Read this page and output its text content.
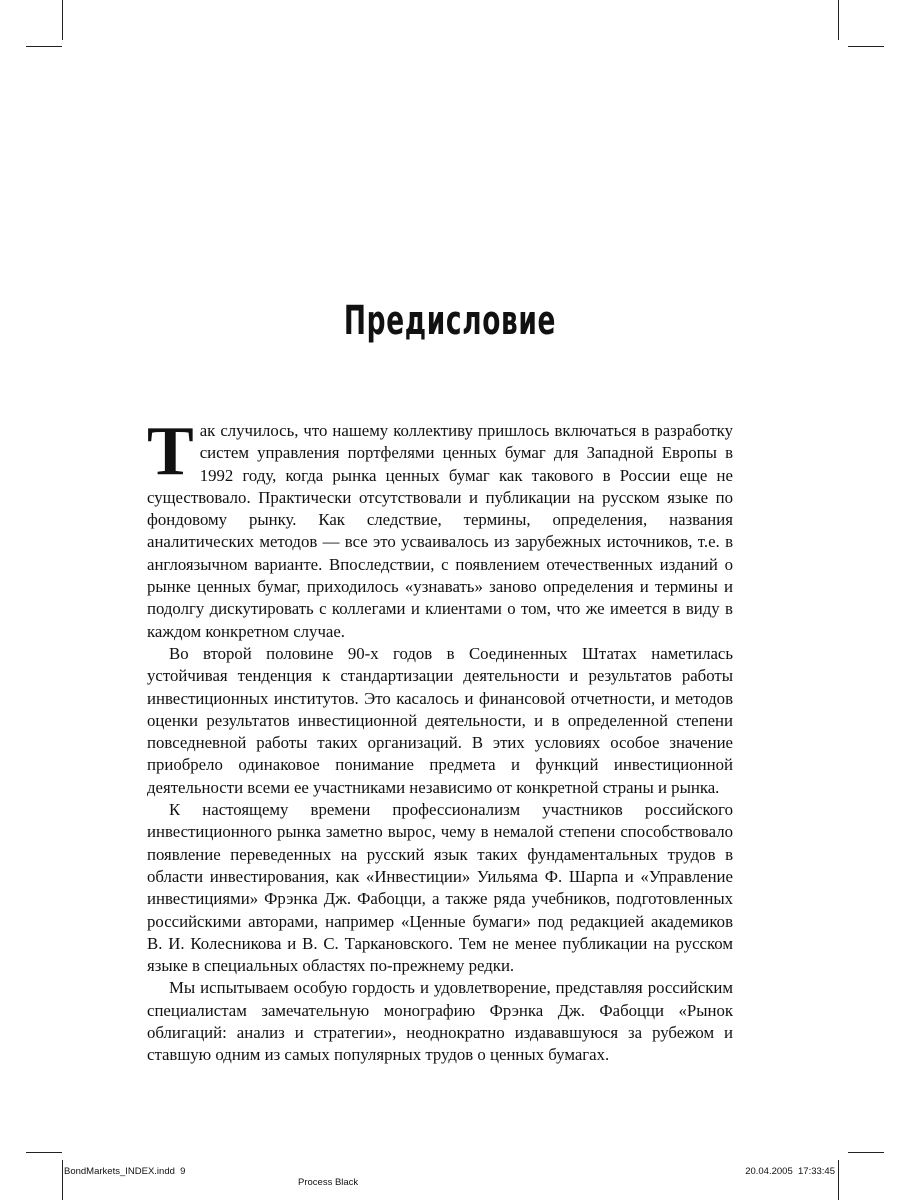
Предисловие

Так случилось, что нашему коллективу пришлось включаться в разработку систем управления портфелями ценных бумаг для Западной Европы в 1992 году, когда рынка ценных бумаг как такового в России еще не существовало. Практически отсутствовали и публикации на русском языке по фондовому рынку. Как следствие, термины, определения, названия аналитических методов — все это усваивалось из зарубежных источников, т.е. в англоязычном варианте. Впоследствии, с появлением отечественных изданий о рынке ценных бумаг, приходилось «узнавать» заново определения и термины и подолгу дискутировать с коллегами и клиентами о том, что же имеется в виду в каждом конкретном случае.

Во второй половине 90-х годов в Соединенных Штатах наметилась устойчивая тенденция к стандартизации деятельности и результатов работы инвестиционных институтов. Это касалось и финансовой отчетности, и методов оценки результатов инвестиционной деятельности, и в определенной степени повседневной работы таких организаций. В этих условиях особое значение приобрело одинаковое понимание предмета и функций инвестиционной деятельности всеми ее участниками независимо от конкретной страны и рынка.

К настоящему времени профессионализм участников российского инвестиционного рынка заметно вырос, чему в немалой степени способствовало появление переведенных на русский язык таких фундаментальных трудов в области инвестирования, как «Инвестиции» Уильяма Ф. Шарпа и «Управление инвестициями» Фрэнка Дж. Фабоцци, а также ряда учебников, подготовленных российскими авторами, например «Ценные бумаги» под редакцией академиков В. И. Колесникова и В. С. Таркановского. Тем не менее публикации на русском языке в специальных областях по-прежнему редки.

Мы испытываем особую гордость и удовлетворение, представляя российским специалистам замечательную монографию Фрэнка Дж. Фабоцци «Рынок облигаций: анализ и стратегии», неоднократно издававшуюся за рубежом и ставшую одним из самых популярных трудов о ценных бумагах.

BondMarkets_INDEX.indd 9
Process Black
20.04.2005 17:33:45
